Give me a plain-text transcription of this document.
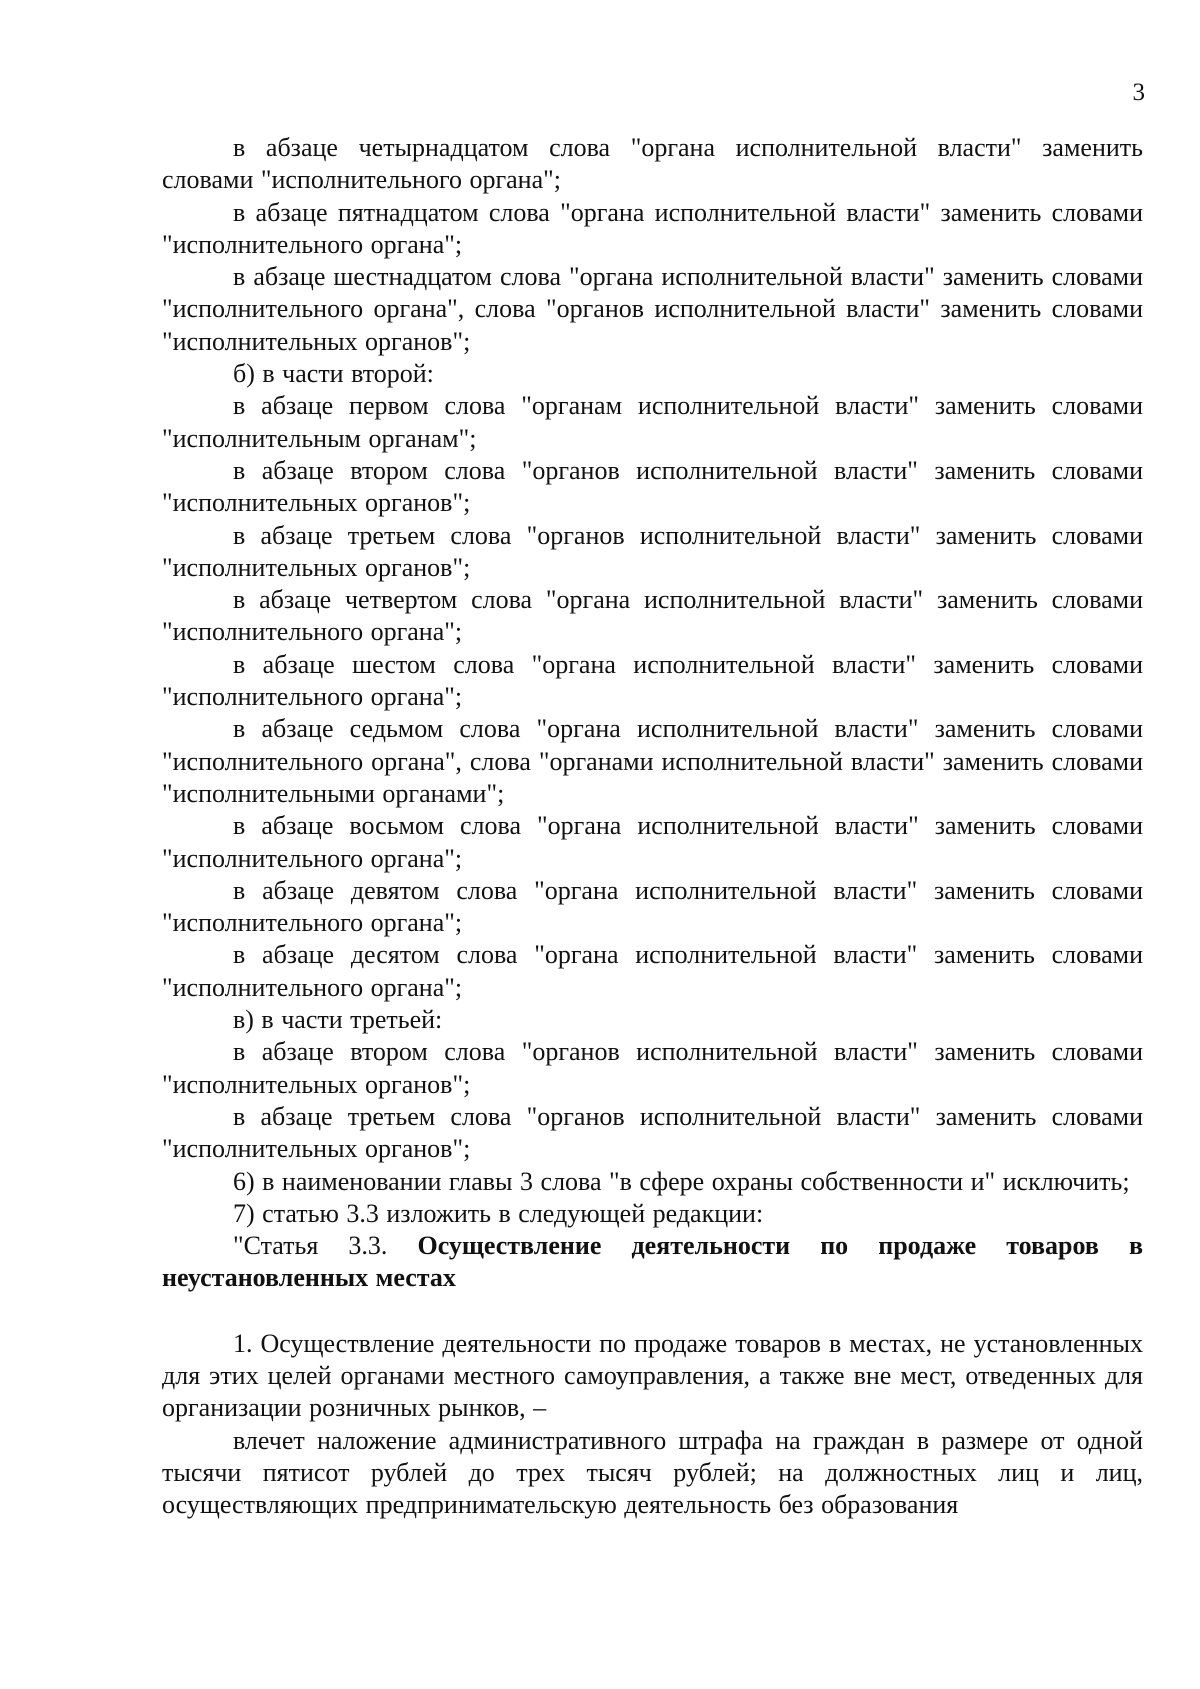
3

в абзаце четырнадцатом слова "органа исполнительной власти" заменить словами "исполнительного органа";

в абзаце пятнадцатом слова "органа исполнительной власти" заменить словами "исполнительного органа";

в абзаце шестнадцатом слова "органа исполнительной власти" заменить словами "исполнительного органа", слова "органов исполнительной власти" заменить словами "исполнительных органов";

б) в части второй:

в абзаце первом слова "органам исполнительной власти" заменить словами "исполнительным органам";

в абзаце втором слова "органов исполнительной власти" заменить словами "исполнительных органов";

в абзаце третьем слова "органов исполнительной власти" заменить словами "исполнительных органов";

в абзаце четвертом слова "органа исполнительной власти" заменить словами "исполнительного органа";

в абзаце шестом слова "органа исполнительной власти" заменить словами "исполнительного органа";

в абзаце седьмом слова "органа исполнительной власти" заменить словами "исполнительного органа", слова "органами исполнительной власти" заменить словами "исполнительными органами";

в абзаце восьмом слова "органа исполнительной власти" заменить словами "исполнительного органа";

в абзаце девятом слова "органа исполнительной власти" заменить словами "исполнительного органа";

в абзаце десятом слова "органа исполнительной власти" заменить словами "исполнительного органа";

в) в части третьей:

в абзаце втором слова "органов исполнительной власти" заменить словами "исполнительных органов";

в абзаце третьем слова "органов исполнительной власти" заменить словами "исполнительных органов";

6) в наименовании главы 3 слова "в сфере охраны собственности и" исключить;

7) статью 3.3 изложить в следующей редакции:

"Статья 3.3. Осуществление деятельности по продаже товаров в неустановленных местах

1. Осуществление деятельности по продаже товаров в местах, не установленных для этих целей органами местного самоуправления, а также вне мест, отведенных для организации розничных рынков, –

влечет наложение административного штрафа на граждан в размере от одной тысячи пятисот рублей до трех тысяч рублей; на должностных лиц и лиц, осуществляющих предпринимательскую деятельность без образования
